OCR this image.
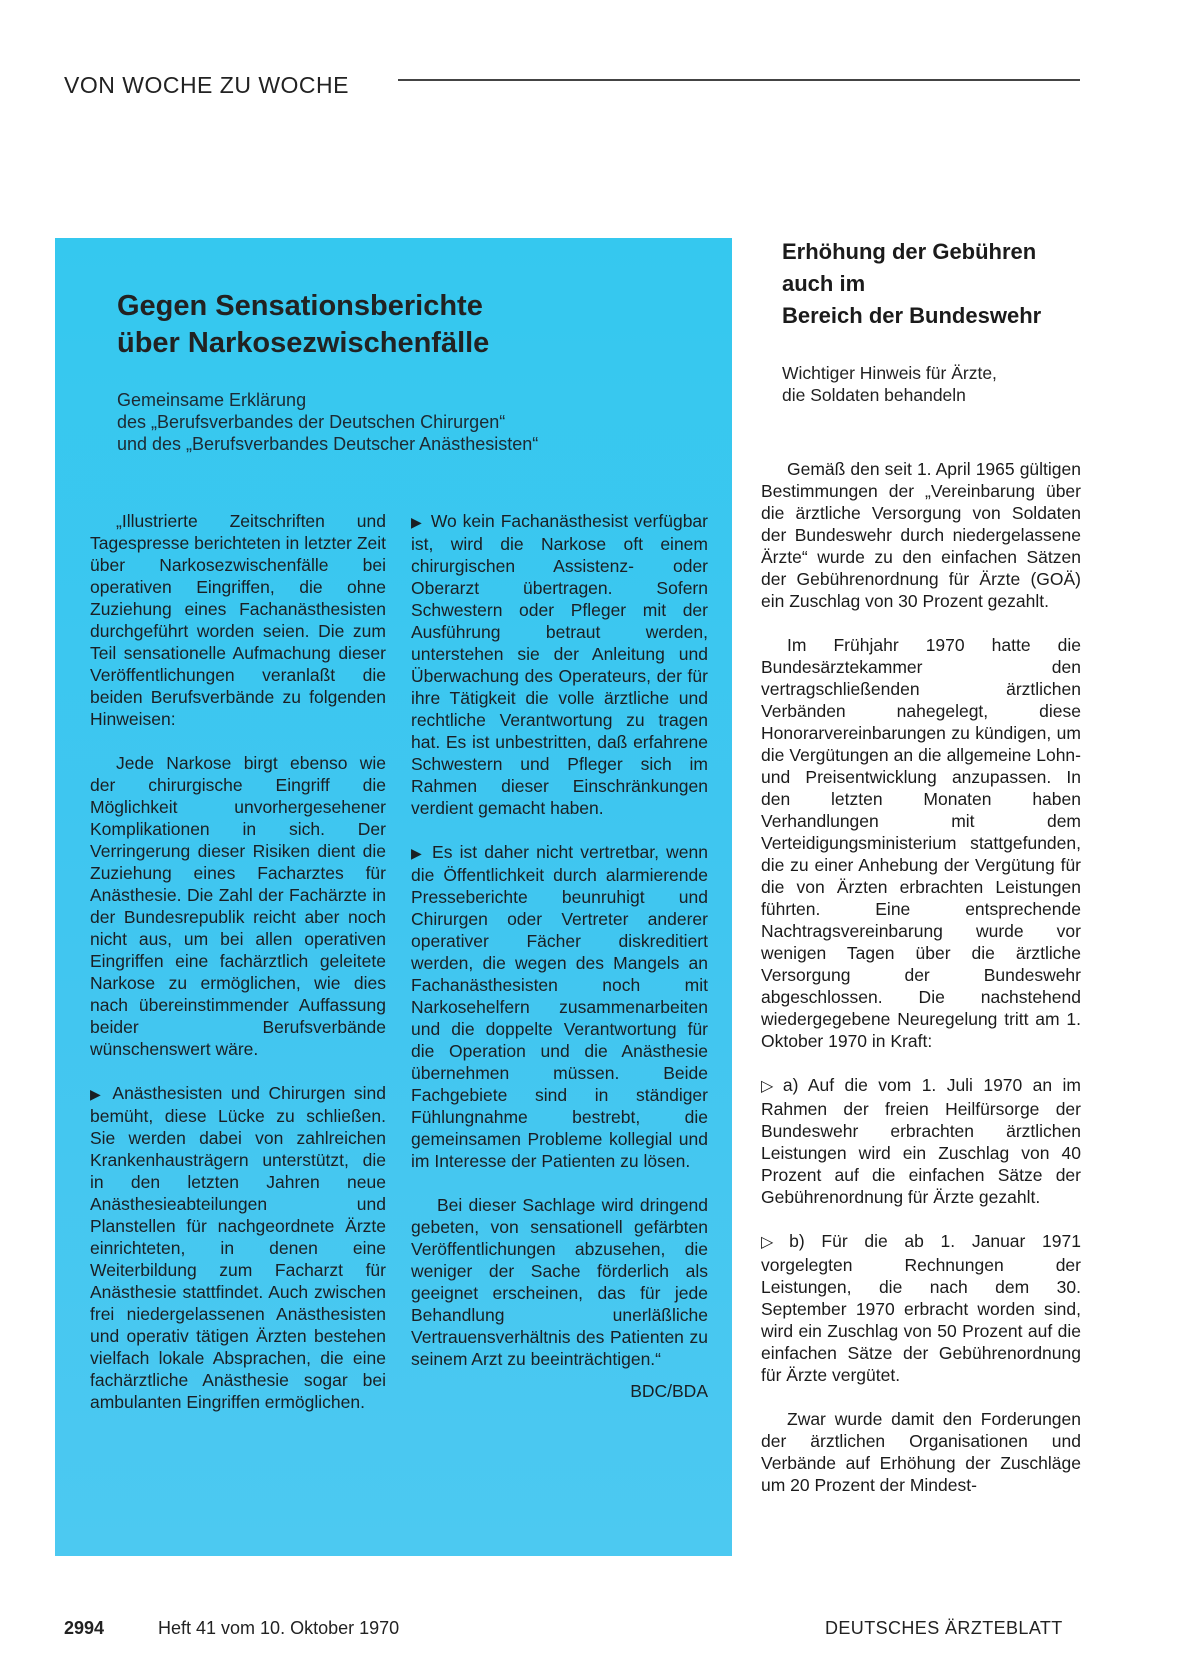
VON WOCHE ZU WOCHE
Gegen Sensationsberichte
über Narkosezwischenfälle
Gemeinsame Erklärung
des „Berufsverbandes der Deutschen Chirurgen“
und des „Berufsverbandes Deutscher Anästhesisten“

„Illustrierte Zeitschriften und Tagespresse berichteten in letzter Zeit über Narkosezwischenfälle bei operativen Eingriffen, die ohne Zuziehung eines Fachanästhesisten durchgeführt worden seien. Die zum Teil sensationelle Aufmachung dieser Veröffentlichungen veranlaßt die beiden Berufsverbände zu folgenden Hinweisen:

Jede Narkose birgt ebenso wie der chirurgische Eingriff die Möglichkeit unvorhergesehener Komplikationen in sich. Der Verringerung dieser Risiken dient die Zuziehung eines Facharztes für Anästhesie. Die Zahl der Fachärzte in der Bundesrepublik reicht aber noch nicht aus, um bei allen operativen Eingriffen eine fachärztlich geleitete Narkose zu ermöglichen, wie dies nach übereinstimmender Auffassung beider Berufsverbände wünschenswert wäre.

▶ Anästhesisten und Chirurgen sind bemüht, diese Lücke zu schließen. Sie werden dabei von zahlreichen Krankenhausträgern unterstützt, die in den letzten Jahren neue Anästhesieabteilungen und Planstellen für nachgeordnete Ärzte einrichteten, in denen eine Weiterbildung zum Facharzt für Anästhesie stattfindet. Auch zwischen frei niedergelassenen Anästhesisten und operativ tätigen Ärzten bestehen vielfach lokale Absprachen, die eine fachärztliche Anästhesie sogar bei ambulanten Eingriffen ermöglichen.

▶ Wo kein Fachanästhesist verfügbar ist, wird die Narkose oft einem chirurgischen Assistenz- oder Oberarzt übertragen. Sofern Schwestern oder Pfleger mit der Ausführung betraut werden, unterstehen sie der Anleitung und Überwachung des Operateurs, der für ihre Tätigkeit die volle ärztliche und rechtliche Verantwortung zu tragen hat. Es ist unbestritten, daß erfahrene Schwestern und Pfleger sich im Rahmen dieser Einschränkungen verdient gemacht haben.

▶ Es ist daher nicht vertretbar, wenn die Öffentlichkeit durch alarmierende Presseberichte beunruhigt und Chirurgen oder Vertreter anderer operativer Fächer diskreditiert werden, die wegen des Mangels an Fachanästhesisten noch mit Narkosehelfern zusammenarbeiten und die doppelte Verantwortung für die Operation und die Anästhesie übernehmen müssen. Beide Fachgebiete sind in ständiger Fühlungnahme bestrebt, die gemeinsamen Probleme kollegial und im Interesse der Patienten zu lösen.

Bei dieser Sachlage wird dringend gebeten, von sensationell gefärbten Veröffentlichungen abzusehen, die weniger der Sache förderlich als geeignet erscheinen, das für jede Behandlung unerläßliche Vertrauensverhältnis des Patienten zu seinem Arzt zu beeinträchtigen.“

BDC/BDA

Erhöhung der Gebühren
auch im
Bereich der Bundeswehr
Wichtiger Hinweis für Ärzte,
die Soldaten behandeln

Gemäß den seit 1. April 1965 gültigen Bestimmungen der „Vereinbarung über die ärztliche Versorgung von Soldaten der Bundeswehr durch niedergelassene Ärzte“ wurde zu den einfachen Sätzen der Gebührenordnung für Ärzte (GOÄ) ein Zuschlag von 30 Prozent gezahlt.

Im Frühjahr 1970 hatte die Bundesärztekammer den vertragschließenden ärztlichen Verbänden nahegelegt, diese Honorarvereinbarungen zu kündigen, um die Vergütungen an die allgemeine Lohn- und Preisentwicklung anzupassen. In den letzten Monaten haben Verhandlungen mit dem Verteidigungsministerium stattgefunden, die zu einer Anhebung der Vergütung für die von Ärzten erbrachten Leistungen führten. Eine entsprechende Nachtragsvereinbarung wurde vor wenigen Tagen über die ärztliche Versorgung der Bundeswehr abgeschlossen. Die nachstehend wiedergegebene Neuregelung tritt am 1. Oktober 1970 in Kraft:

▷ a) Auf die vom 1. Juli 1970 an im Rahmen der freien Heilfürsorge der Bundeswehr erbrachten ärztlichen Leistungen wird ein Zuschlag von 40 Prozent auf die einfachen Sätze der Gebührenordnung für Ärzte gezahlt.

▷ b) Für die ab 1. Januar 1971 vorgelegten Rechnungen der Leistungen, die nach dem 30. September 1970 erbracht worden sind, wird ein Zuschlag von 50 Prozent auf die einfachen Sätze der Gebührenordnung für Ärzte vergütet.

Zwar wurde damit den Forderungen der ärztlichen Organisationen und Verbände auf Erhöhung der Zuschläge um 20 Prozent der Mindest-

2994	Heft 41 vom 10. Oktober 1970	DEUTSCHES ÄRZTEBLATT
